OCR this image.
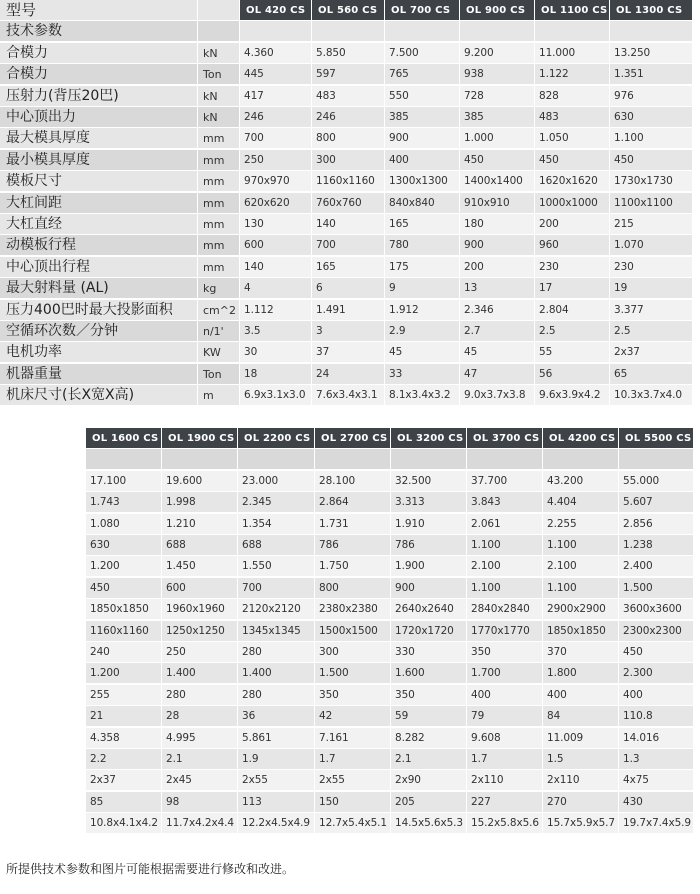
型号	OL 420 CS	OL 560 CS	OL 700 CS	OL 900 CS	OL 1100 CS OL 1300 CS
技术参数
合模力	kN	4.360	5.850	7.500	9.200	11.000	13.250
合模力	Ton	445	597	765	938	1.122	1.351
压射力(背压20巴)	kN	417	483	550	728	828	976
中心顶出力	kN	246	246	385	385	483	630
最大模具厚度	mm	700	800	900	1.000	1.050	1.100
最小模具厚度	mm	250	300	400	450	450	450
模板尺寸	mm	970x970	1160x1160	1300x1300	1400x1400	1620x1620	1730x1730
大杠间距	mm	620x620	760x760	840x840	910x910	1000x1000	1100x1100
大杠直经	mm	130	140	165	180	200	215
动模板行程	mm	600	700	780	900	960	1.070
中心顶出行程	mm	140	165	175	200	230	230
最大射料量 (AL)	kg	4	6	9	13	17	19
压力400巴时最大投影面积	cm^2 1.112	1.491	1.912	2.346	2.804	3.377
空循环次数／分钟	n/1'	3.5	3	2.9	2.7	2.5	2.5
电机功率	KW	30	37	45	45	55	2x37
机器重量	Ton	18	24	33	47	56	65
机床尺寸(长X宽X高)	m	6.9x3.1x3.0	7.6x3.4x3.1	8.1x3.4x3.2	9.0x3.7x3.8	9.6x3.9x4.2	10.3x3.7x4.0
OL 1600 CS OL 1900 CS OL 2200 CS	OL 2700 CS OL 3200 CS OL 3700 CS OL 4200 CS OL 5500 CS
17.100	19.600	23.000	28.100	32.500	37.700	43.200	55.000
1.743	1.998	2.345	2.864	3.313	3.843	4.404	5.607
1.080	1.210	1.354	1.731	1.910	2.061	2.255	2.856
630	688	688	786	786	1.100	1.100	1.238
1.200	1.450	1.550	1.750	1.900	2.100	2.100	2.400
450	600	700	800	900	1.100	1.100	1.500
1850x1850	1960x1960	2120x2120	2380x2380	2640x2640	2840x2840	2900x2900	3600x3600
1160x1160	1250x1250	1345x1345	1500x1500	1720x1720	1770x1770	1850x1850	2300x2300
240	250	280	300	330	350	370	450
1.200	1.400	1.400	1.500	1.600	1.700	1.800	2.300
255	280	280	350	350	400	400	400
21	28	36	42	59	79	84	110.8
4.358	4.995	5.861	7.161	8.282	9.608	11.009	14.016
2.2	2.1	1.9	1.7	2.1	1.7	1.5	1.3
2x37	2x45	2x55	2x55	2x90	2x110	2x110	4x75
85	98	113	150	205	227	270	430
10.8x4.1x4.2 11.7x4.2x4.4 12.2x4.5x4.9 12.7x5.4x5.1 14.5x5.6x5.3 15.2x5.8x5.6 15.7x5.9x5.7 19.7x7.4x5.9
所提供技术参数和图片可能根据需要进行修改和改进。
